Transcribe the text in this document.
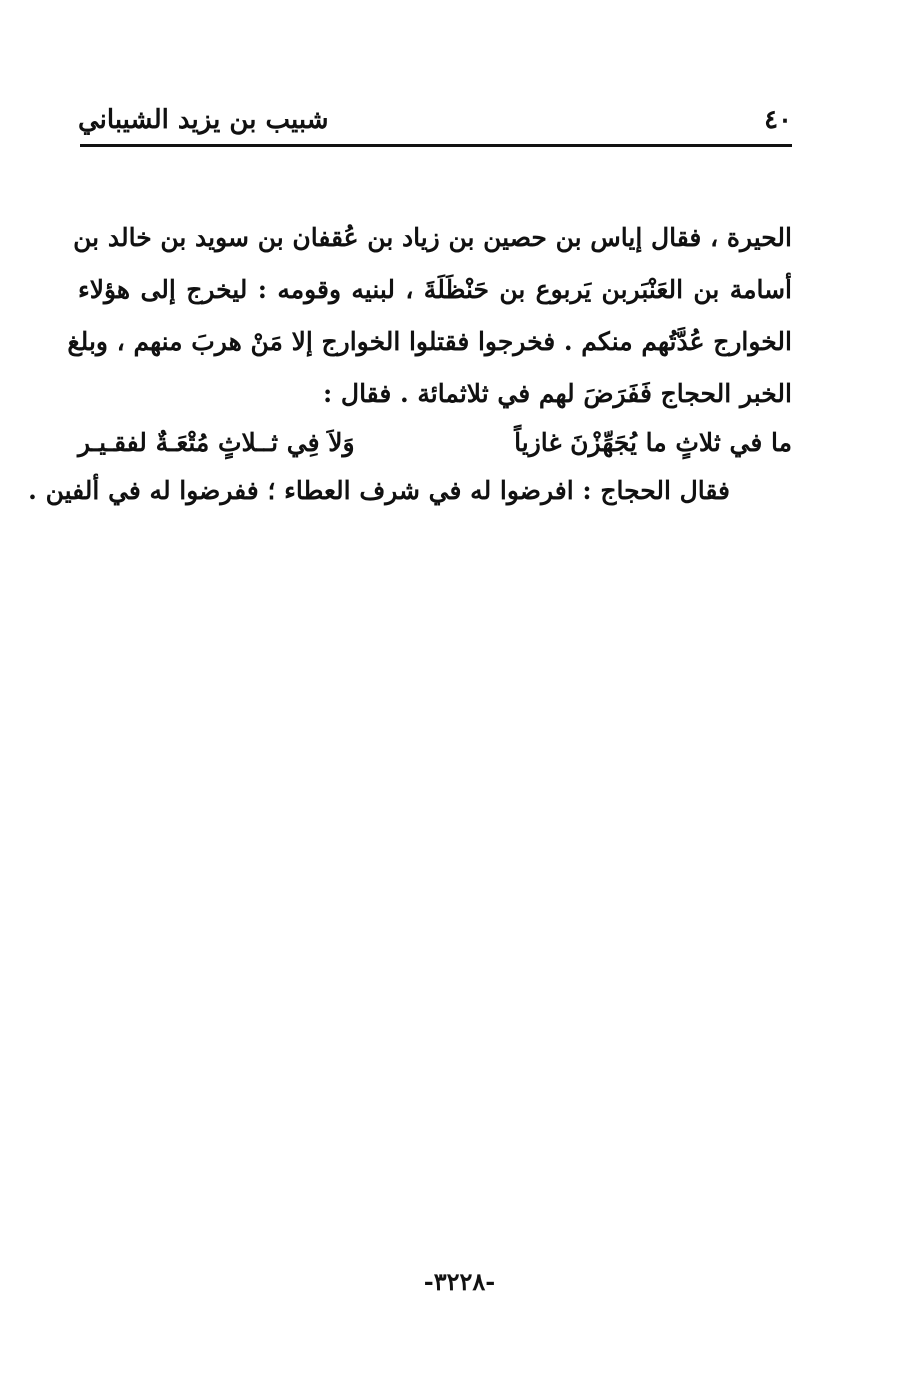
٤٠
شبيب بن يزيد الشيباني
الحيرة ، فقال إياس بن حصين بن زياد بن عُقفان بن سويد بن خالد بن
أسامة بن العَنْبَربن يَربوع بن حَنْظَلَةَ ، لبنيه وقومه : ليخرج إلى هؤلاء
الخوارج عُدَّتُهم منكم . فخرجوا فقتلوا الخوارج إلا مَنْ هربَ منهم ، وبلغ
الخبر الحجاج فَفَرَضَ لهم في ثلاثمائة . فقال :
ما في ثلاثٍ ما يُجَهِّزْنَ غازياً
وَلاَ فِي ثــلاثٍ مُتْعَـةٌ لفقـيـر
فقال الحجاج : افرضوا له في شرف العطاء ؛ ففرضوا له في ألفين .
-٣٢٢٨-
